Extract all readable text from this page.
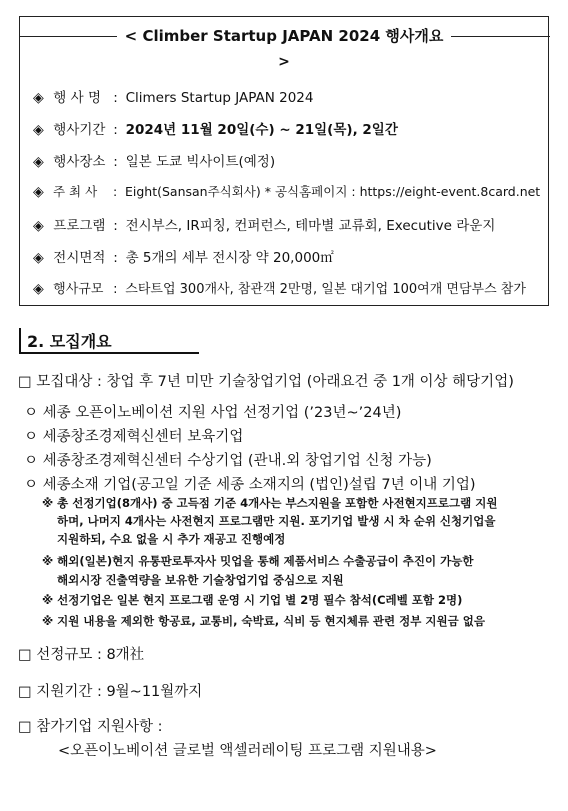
< Climber Startup JAPAN 2024 행사개요
>
◈ 행 사 명 : Climers Startup JAPAN 2024
◈ 행사기간 : 2024년 11월 20일(수) ~ 21일(목), 2일간
◈ 행사장소 : 일본 도쿄 빅사이트(예정)
◈ 주 최 사 : Eight(Sansan주식회사) * 공식홈페이지 : https://eight-event.8card.net
◈ 프로그램 : 전시부스, IR피칭, 컨퍼런스, 테마별 교류회, Executive 라운지
◈ 전시면적 : 총 5개의 세부 전시장 약 20,000㎡
◈ 행사규모 : 스타트업 300개사, 참관객 2만명, 일본 대기업 100여개 면담부스 참가
2. 모집개요
□ 모집대상 : 창업 후 7년 미만 기술창업기업 (아래요건 중 1개 이상 해당기업)
ㅇ 세종 오픈이노베이션 지원 사업 선정기업 (’23년~’24년)
ㅇ 세종창조경제혁신센터 보육기업
ㅇ 세종창조경제혁신센터 수상기업 (관내.외 창업기업 신청 가능)
ㅇ 세종소재 기업(공고일 기준 세종 소재지의 (법인)설립 7년 이내 기업)
※ 총 선정기업(8개사) 중 고득점 기준 4개사는 부스지원을 포함한 사전현지프로그램 지원
하며, 나머지 4개사는 사전현지 프로그램만 지원. 포기기업 발생 시 차 순위 신청기업을
지원하되, 수요 없을 시 추가 재공고 진행예정
※ 해외(일본)현지 유통판로투자사 밋업을 통해 제품서비스 수출공급이 추진이 가능한
해외시장 진출역량을 보유한 기술창업기업 중심으로 지원
※ 선정기업은 일본 현지 프로그램 운영 시 기업 별 2명 필수 참석(C레벨 포함 2명)
※ 지원 내용을 제외한 항공료, 교통비, 숙박료, 식비 등 현지체류 관련 정부 지원금 없음
□ 선정규모 : 8개社
□ 지원기간 : 9월~11월까지
□ 참가기업 지원사항 :
<오픈이노베이션 글로벌 액셀러레이팅 프로그램 지원내용>
